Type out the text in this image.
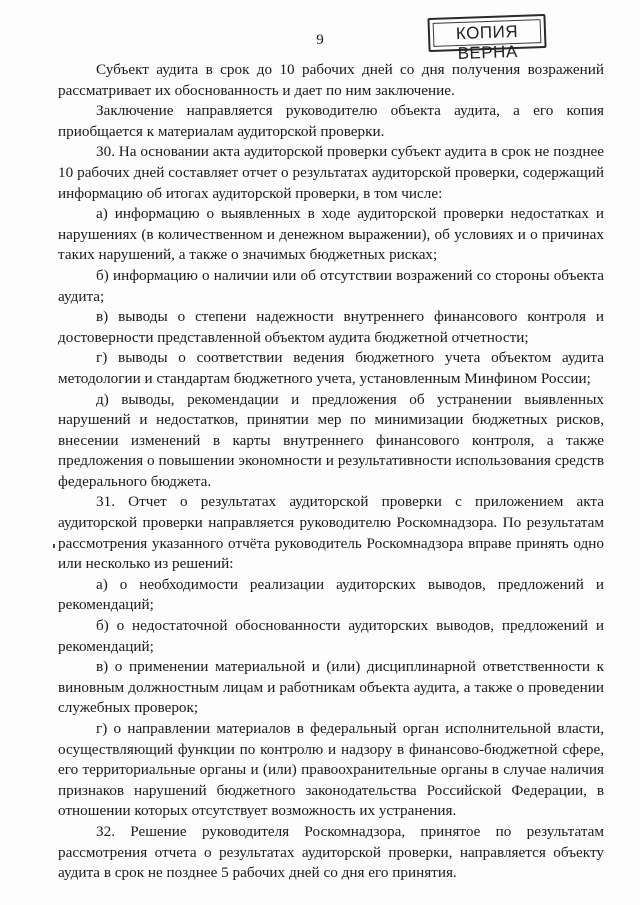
9	КОПИЯ ВЕРНА

Субъект аудита в срок до 10 рабочих дней со дня получения возражений рассматривает их обоснованность и дает по ним заключение.

Заключение направляется руководителю объекта аудита, а его копия приобщается к материалам аудиторской проверки.

30. На основании акта аудиторской проверки субъект аудита в срок не позднее 10 рабочих дней составляет отчет о результатах аудиторской проверки, содержащий информацию об итогах аудиторской проверки, в том числе:

а) информацию о выявленных в ходе аудиторской проверки недостатках и нарушениях (в количественном и денежном выражении), об условиях и о причинах таких нарушений, а также о значимых бюджетных рисках;

б) информацию о наличии или об отсутствии возражений со стороны объекта аудита;

в) выводы о степени надежности внутреннего финансового контроля и достоверности представленной объектом аудита бюджетной отчетности;

г) выводы о соответствии ведения бюджетного учета объектом аудита методологии и стандартам бюджетного учета, установленным Минфином России;

д) выводы, рекомендации и предложения об устранении выявленных нарушений и недостатков, принятии мер по минимизации бюджетных рисков, внесении изменений в карты внутреннего финансового контроля, а также предложения о повышении экономности и результативности использования средств федерального бюджета.

31. Отчет о результатах аудиторской проверки с приложением акта аудиторской проверки направляется руководителю Роскомнадзора. По результатам рассмотрения указанного отчёта руководитель Роскомнадзора вправе принять одно или несколько из решений:

а) о необходимости реализации аудиторских выводов, предложений и рекомендаций;

б) о недостаточной обоснованности аудиторских выводов, предложений и рекомендаций;

в) о применении материальной и (или) дисциплинарной ответственности к виновным должностным лицам и работникам объекта аудита, а также о проведении служебных проверок;

г) о направлении материалов в федеральный орган исполнительной власти, осуществляющий функции по контролю и надзору в финансово-бюджетной сфере, его территориальные органы и (или) правоохранительные органы в случае наличия признаков нарушений бюджетного законодательства Российской Федерации, в отношении которых отсутствует возможность их устранения.

32. Решение руководителя Роскомнадзора, принятое по результатам рассмотрения отчета о результатах аудиторской проверки, направляется объекту аудита в срок не позднее 5 рабочих дней со дня его принятия.
